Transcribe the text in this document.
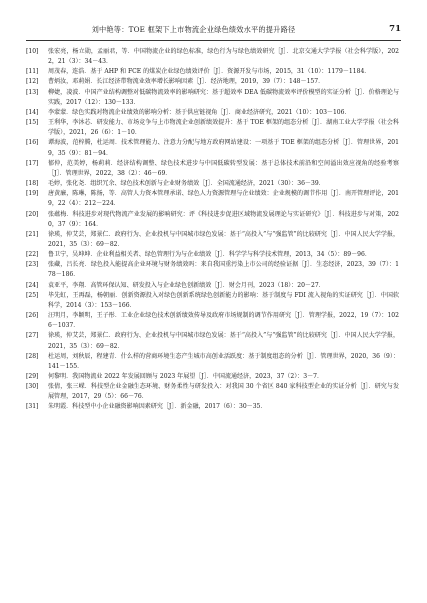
刘中艳等：TOE 框架下上市物流企业绿色绩效水平的提升路径	71
[10]	张宏亮，杨立勋，孟丽君，等．中国物流企业的绿色标准，绿色行为与绿色绩效研究［J］．北京交通大学学报（社会科学版），2022，21（3）：34－43．
[11]	周茂春，连浩．基于 AHP 和 FCE 的煤炭企业绿色绩效评价［J］．资源开发与市场，2015，31（10）：1179－1184．
[12]	曹炳汝，邓莉娟．长江经济带物流业效率增长影响因素［J］．经济地理，2019，39（7）：148－157．
[13]	柳婕，凌波．中国产业结构调整对低碳物流效率的影响研究：基于超效率 DEA 低碳物流效率评价模型的实证分析［J］．价格理论与实践，2017（12）：130－133．
[14]	李蒙蒙．绿色实践对物流企业绩效的影响分析：基于供应链视角［J］．商业经济研究，2021（10）：103－106．
[15]	王利华，李沐芯．研发能力、市场竞争与上市物流企业创新绩效提升：基于 TOE 框架的组态分析［J］．湖南工业大学学报（社会科学版），2021，26（6）：1－10．
[16]	谭海波，范梓腾，杜运周．技术管理能力、注意力分配与地方政府网站建设：一项基于 TOE 框架的组态分析［J］．管理世界，2019，35（9）：81－94．
[17]	郁仲，范美婷，杨莉莉．经济结构调整、绿色技术进步与中国低碳转型发展：基于总体技术前沿和空间溢出效应视角的经验考察［J］．管理世界，2022，38（2）：46－69．
[18]	毛婷，张化尧．组织冗余、绿色技术创新与企业财务绩效［J］．全国流通经济，2021（30）：36－39．
[19]	唐黄廉，陈琳，陈扬，等．高管人力资本管理承诺、绿色人力资源管理与企业绩效：企业规模的调节作用［J］．南开管理评论，2019，22（4）：212－224．
[20]	张蕴梅．科技进步对现代物流产业发展的影响研究：评《科技进步促进区域物流发展理论与实证研究》［J］．科技进步与对策，2020，37（9）：164．
[21]	徐瑛，仲艾芸，郑景仁．政府行为、企业投机与中国城市绿色发展：基于“高投入”与“强监管”的比较研究［J］．中国人民大学学报，2021，35（3）：69－82．
[22]	鲁卫宁，吴坤坤．企业利益相关者、绿色管理行为与企业绩效［J］．科学学与科学技术管理，2013，34（5）：89－96．
[23]	张藏，吕长亮．绿色投入能提高企业环境与财务绩效吗：来自我国重污染上市公司的经验证据［J］．生态经济，2023，39（7）：178－186．
[24]	袁亚平，李翔．高管环保认知、研发投入与企业绿色创新绩效［J］．财会月刊，2023（18）：20－27．
[25]	毕先虹，王再磊，杨朝丽．创新资源投入对绿色创新系统绿色创新能力的影响：基于制度与 FDI 流入视角的实证研究［J］．中国软科学，2014（3）：153－166．
[26]	汪明月，李颖明，王子彤．工业企业绿色技术创新绩效传导及政府市场规制的调节作用研究［J］．管理学报，2022，19（7）：1026－1037．
[27]	徐瑛，仲艾芸，郑景仁．政府行为、企业投机与中国城市绿色发展：基于“高投入”与“强监管”的比较研究［J］．中国人民大学学报，2021，35（3）：69－82．
[28]	杜运周，刘秋辰，程建青．什么样的营商环境生态产生城市高创业活跃度：基于制度组态的分析［J］．管理世界，2020，36（9）：141－155．
[29]	何黎明．我国物流业 2022 年发展回顾与 2023 年展望［J］．中国流通经济，2023，37（2）：3－7．
[30]	张倩，张三嵘．科技型企业金融生态环境、财务柔性与研发投入：对我国 30 个省区 840 家科技型企业的实证分析［J］．研究与发展管理，2017，29（5）：66－76．
[31]	朱明霞．科技型中小企业融资影响因素研究［J］．新金融，2017（6）：30－35．
